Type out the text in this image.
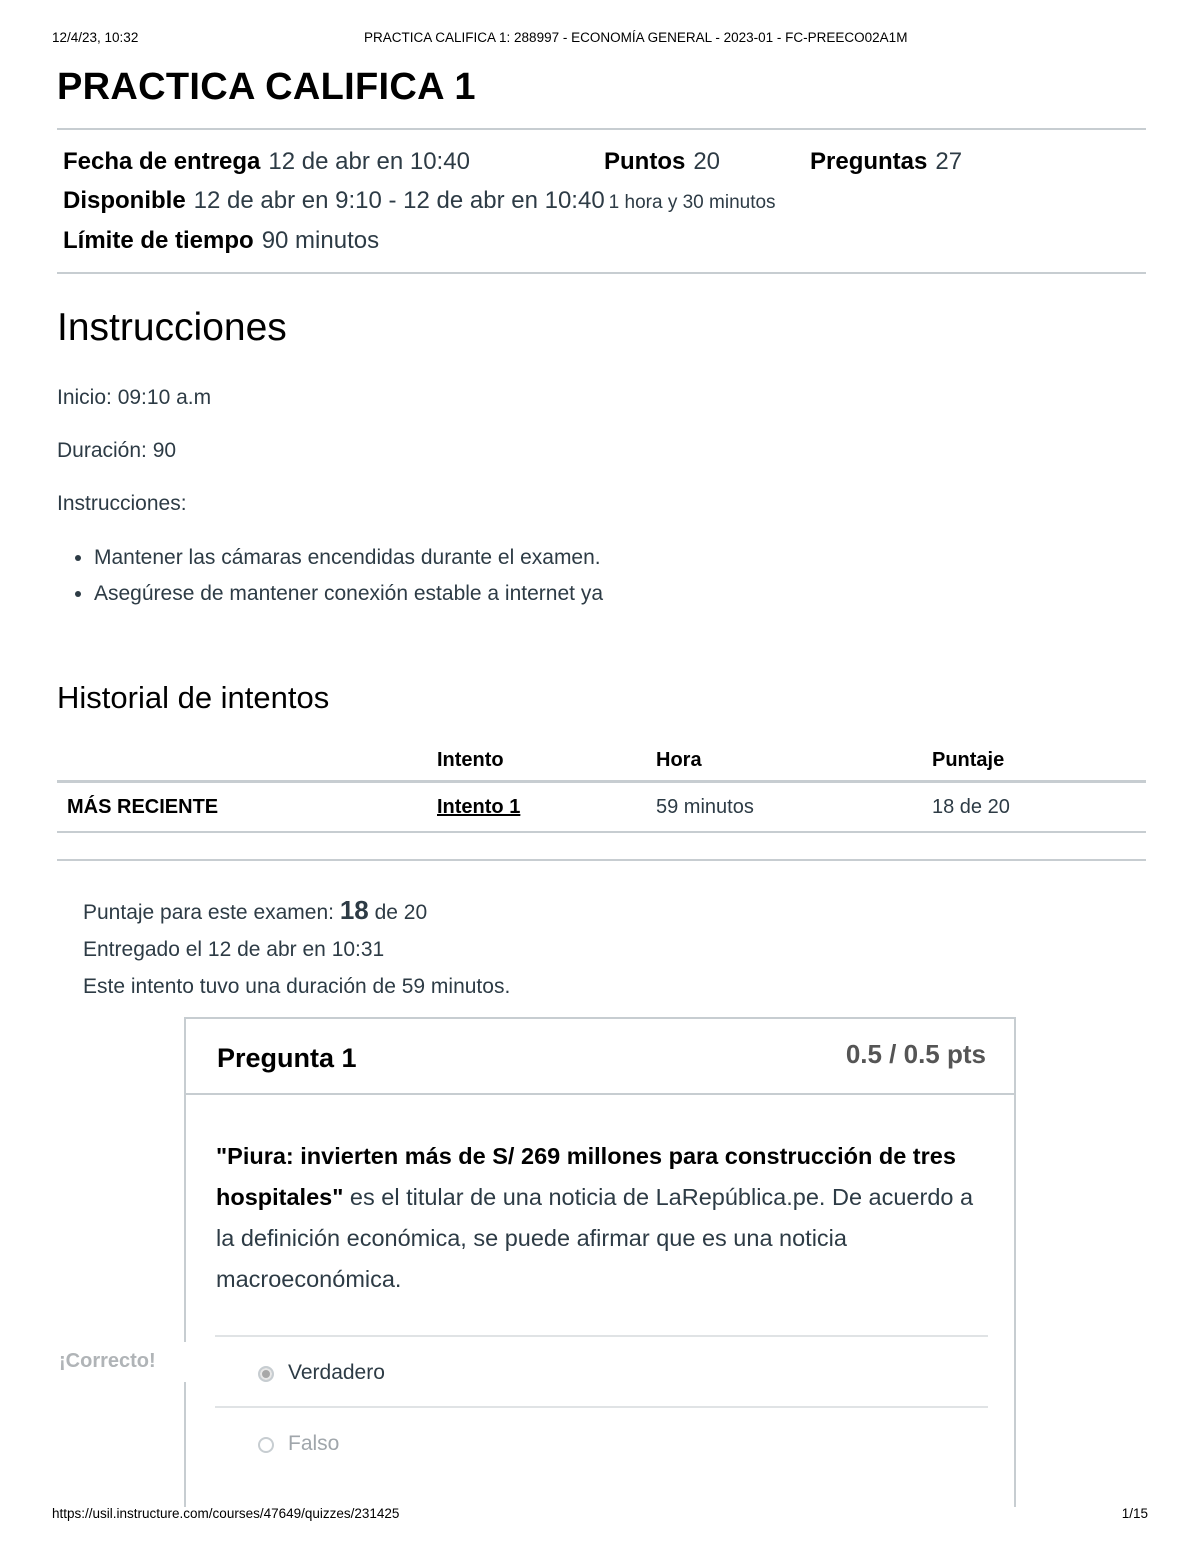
12/4/23, 10:32	PRACTICA CALIFICA 1: 288997 - ECONOMÍA GENERAL - 2023-01 - FC-PREECO02A1M
PRACTICA CALIFICA 1
Fecha de entrega 12 de abr en 10:40	Puntos 20	Preguntas 27
Disponible 12 de abr en 9:10 - 12 de abr en 10:40 1 hora y 30 minutos
Límite de tiempo 90 minutos
Instrucciones
Inicio: 09:10 a.m
Duración: 90
Instrucciones:
• Mantener las cámaras encendidas durante el examen.
• Asegúrese de mantener conexión estable a internet ya
Historial de intentos
	Intento	Hora	Puntaje
MÁS RECIENTE	Intento 1	59 minutos	18 de 20
Puntaje para este examen: 18 de 20
Entregado el 12 de abr en 10:31
Este intento tuvo una duración de 59 minutos.
Pregunta 1	0.5 / 0.5 pts
"Piura: invierten más de S/ 269 millones para construcción de tres hospitales" es el titular de una noticia de LaRepública.pe. De acuerdo a la definición económica, se puede afirmar que es una noticia macroeconómica.
Verdadero
Falso
¡Correcto!
https://usil.instructure.com/courses/47649/quizzes/231425	1/15
